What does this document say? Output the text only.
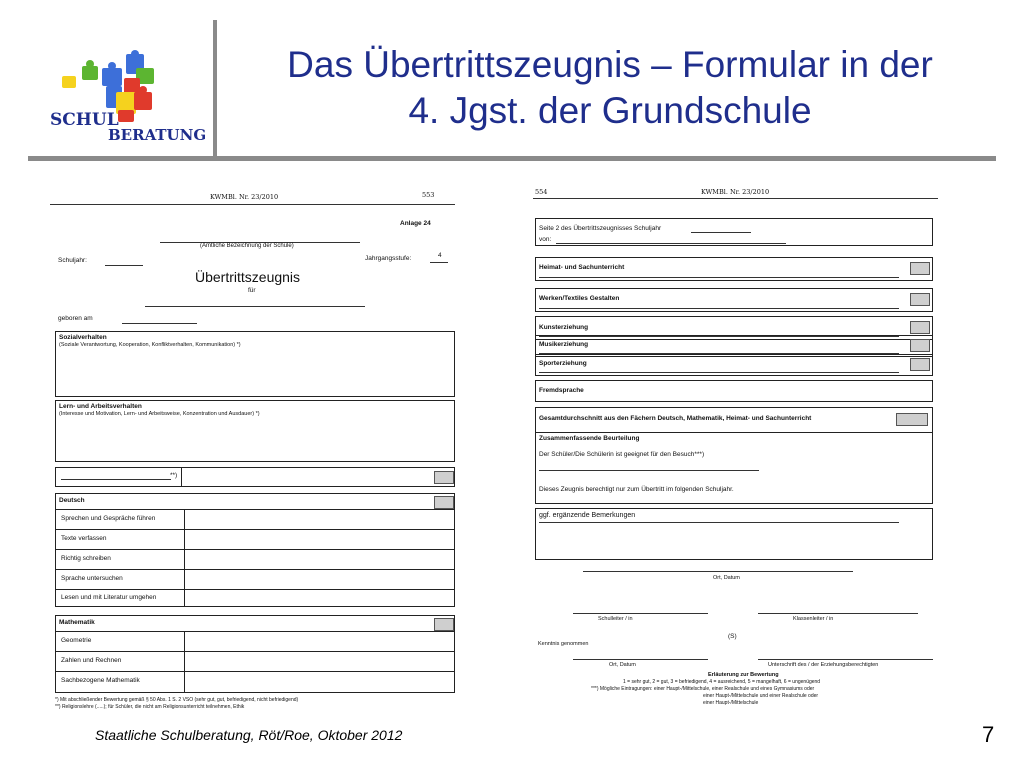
SCHUL
BERATUNG
Das Übertrittszeugnis – Formular in der
4. Jgst. der Grundschule
KWMBl. Nr. 23/2010	553
Anlage 24
(Amtliche Bezeichnung der Schule)
Schuljahr:	Jahrgangsstufe:	4
Übertrittszeugnis
für
geboren am
Sozialverhalten
(Soziale Verantwortung, Kooperation, Konfliktverhalten, Kommunikation) *)
Lern- und Arbeitsverhalten
(Interesse und Motivation, Lern- und Arbeitsweise, Konzentration und Ausdauer) *)
**)
Deutsch
Sprechen und Gespräche führen
Texte verfassen
Richtig schreiben
Sprache untersuchen
Lesen und mit Literatur umgehen
Mathematik
Geometrie
Zahlen und Rechnen
Sachbezogene Mathematik
*) Mit abschließender Bewertung gemäß § 50 Abs. 1 S. 2 VSO (sehr gut, gut, befriedigend, nicht befriedigend)
**) Religionslehre (.....); für Schüler, die nicht am Religionsunterricht teilnehmen, Ethik
554	KWMBl. Nr. 23/2010
Seite 2 des Übertrittszeugnisses Schuljahr
von:
Heimat- und Sachunterricht
Werken/Textiles Gestalten
Kunsterziehung
Musikerziehung
Sporterziehung
Fremdsprache
Gesamtdurchschnitt aus den Fächern Deutsch, Mathematik, Heimat- und Sachunterricht
Zusammenfassende Beurteilung
Der Schüler/Die Schülerin ist geeignet für den Besuch***)
Dieses Zeugnis berechtigt nur zum Übertritt im folgenden Schuljahr.
ggf. ergänzende Bemerkungen
Ort, Datum
Schulleiter / in	Klassenleiter / in
(S)
Kenntnis genommen
Ort, Datum	Unterschrift des / der Erziehungsberechtigten
Erläuterung zur Bewertung
1 = sehr gut, 2 = gut, 3 = befriedigend, 4 = ausreichend, 5 = mangelhaft, 6 = ungenügend
***) Mögliche Eintragungen: einer Haupt-/Mittelschule, einer Realschule und eines Gymnasiums oder
einer Haupt-/Mittelschule und einer Realschule oder
einer Haupt-/Mittelschule
Staatliche Schulberatung, Röt/Roe, Oktober 2012	7
